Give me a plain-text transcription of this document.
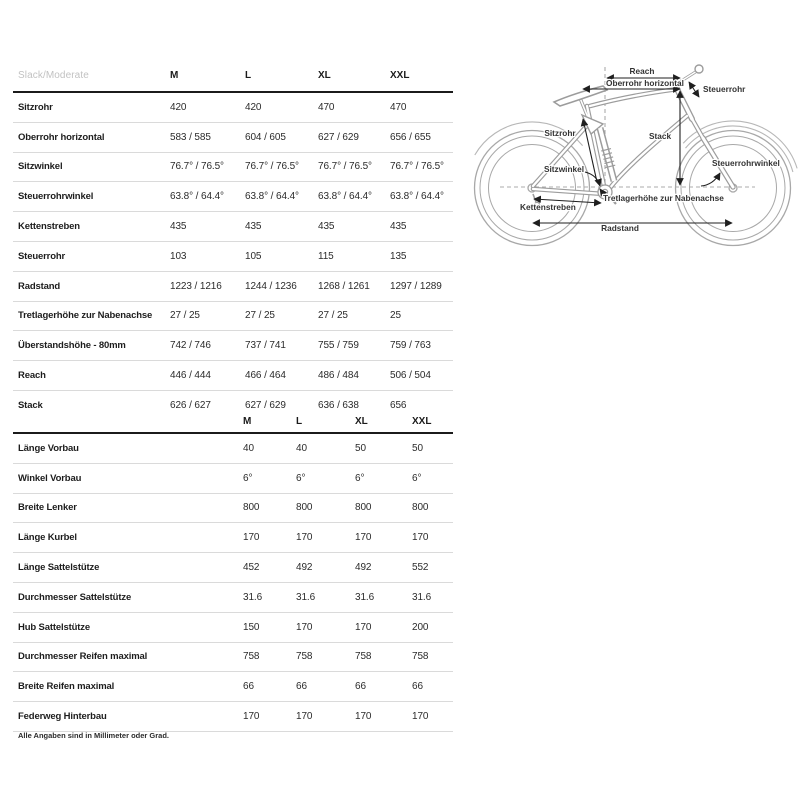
Slack/Moderate	M	L	XL	XXL
Sitzrohr	420	420	470	470
Oberrohr horizontal	583 / 585	604 / 605	627 / 629	656 / 655
Sitzwinkel	76.7° / 76.5°	76.7° / 76.5°	76.7° / 76.5°	76.7° / 76.5°
Steuerrohrwinkel	63.8° / 64.4°	63.8° / 64.4°	63.8° / 64.4°	63.8° / 64.4°
Kettenstreben	435	435	435	435
Steuerrohr	103	105	115	135
Radstand	1223 / 1216	1244 / 1236	1268 / 1261	1297 / 1289
Tretlagerhöhe zur Nabenachse	27 / 25	27 / 25	27 / 25	25
Überstandshöhe - 80mm	742 / 746	737 / 741	755 / 759	759 / 763
Reach	446 / 444	466 / 464	486 / 484	506 / 504
Stack	626 / 627	627 / 629	636 / 638	656
M	L	XL	XXL
Länge Vorbau	40	40	50	50
Winkel Vorbau	6°	6°	6°	6°
Breite Lenker	800	800	800	800
Länge Kurbel	170	170	170	170
Länge Sattelstütze	452	492	492	552
Durchmesser Sattelstütze	31.6	31.6	31.6	31.6
Hub Sattelstütze	150	170	170	200
Durchmesser Reifen maximal	758	758	758	758
Breite Reifen maximal	66	66	66	66
Federweg Hinterbau	170	170	170	170
Alle Angaben sind in Millimeter oder Grad.
Reach
Oberrohr horizontal
Steuerrohr
Sitzrohr	Stack
Sitzwinkel
Steuerrohrwinkel
Tretlagerhöhe zur Nabenachse
Kettenstreben
Radstand
